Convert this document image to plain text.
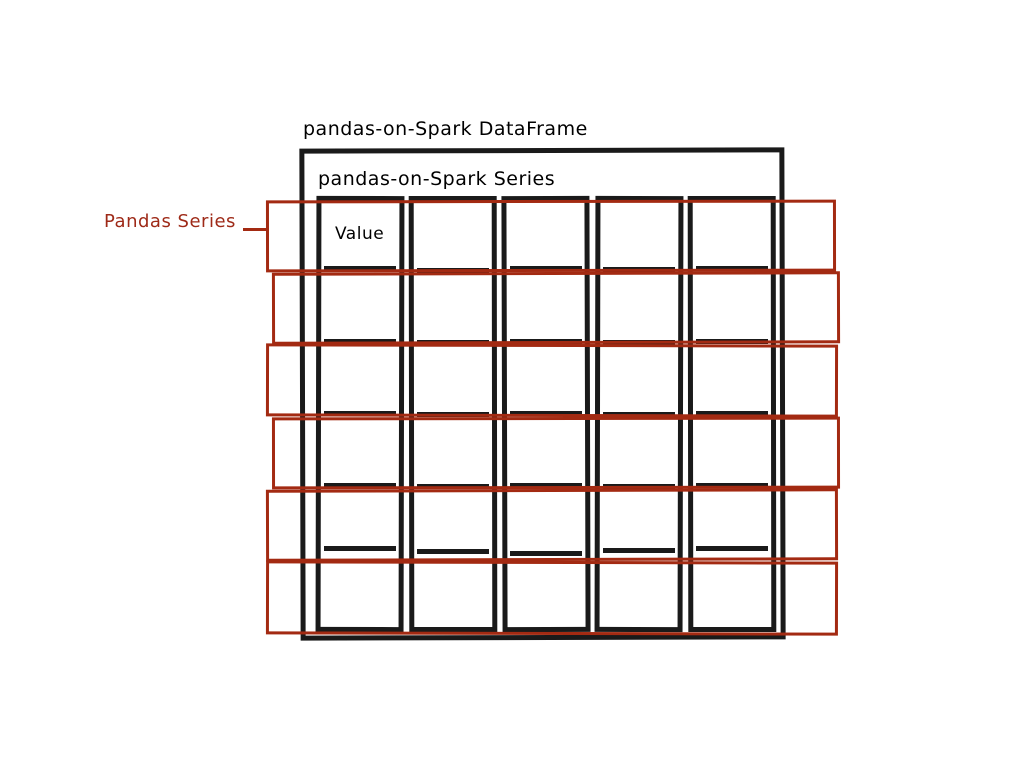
pandas-on-Spark DataFrame
pandas-on-Spark Series
Value
Pandas Series
